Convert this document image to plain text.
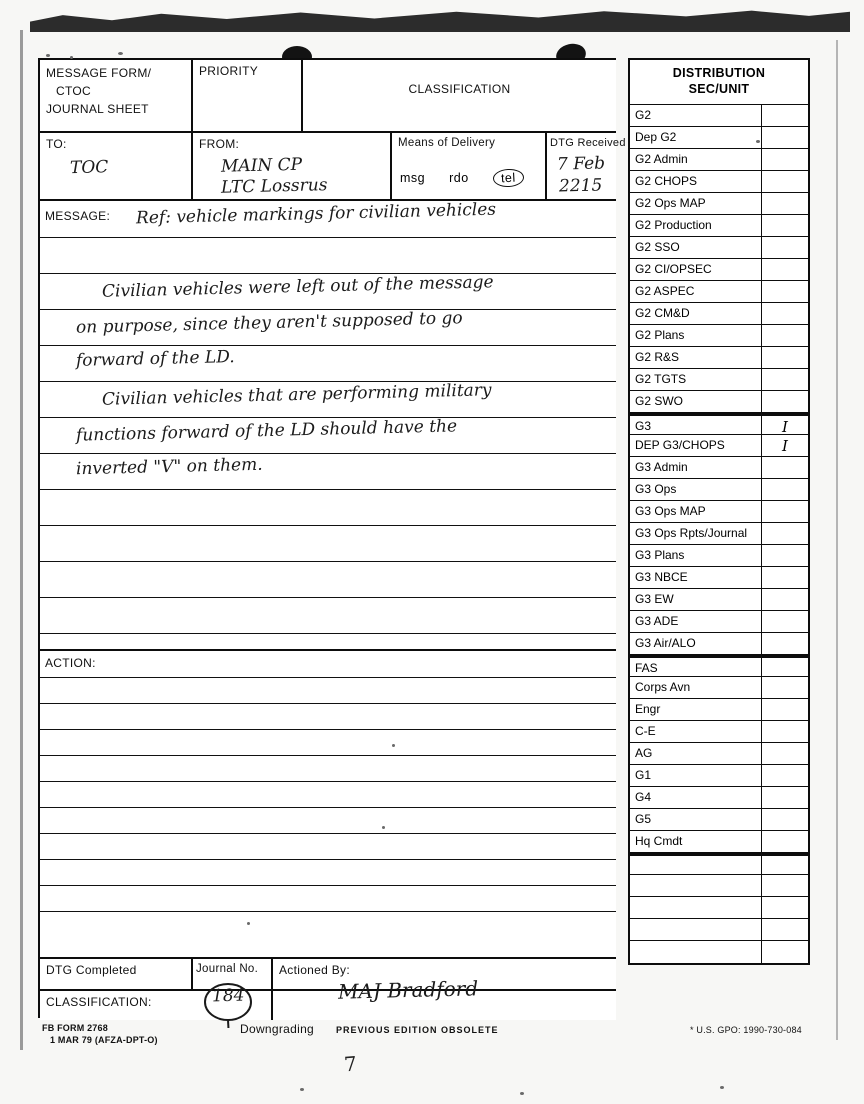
MESSAGE FORM/
CTOC
JOURNAL SHEET
PRIORITY
CLASSIFICATION
TO:
TOC
FROM:
MAIN CP
LTC Lossrus
Means of Delivery
msg rdo	tel
DTG Received
7 Feb
2215
MESSAGE: Ref: vehicle markings for civilian vehicles
Civilian vehicles were left out of the message
on purpose, since they aren't supposed to go
forward of the LD.
Civilian vehicles that are performing military
functions forward of the LD should have the
inverted "V" on them.
ACTION:
DTG Completed	Journal No.	Actioned By:
CLASSIFICATION:	184	MAJ Bradford
Downgrading
DISTRIBUTION
SEC/UNIT
G2
Dep G2
G2 Admin
G2 CHOPS
G2 Ops MAP
G2 Production
G2 SSO
G2 CI/OPSEC
G2 ASPEC
G2 CM&D
G2 Plans
G2 R&S
G2 TGTS
G2 SWO
G3	I
DEP G3/CHOPS	I
G3 Admin
G3 Ops
G3 Ops MAP
G3 Ops Rpts/Journal
G3 Plans
G3 NBCE
G3 EW
G3 ADE
G3 Air/ALO
FAS
Corps Avn
Engr
C-E
AG
G1
G4
G5
Hq Cmdt
FB FORM 2768
1 MAR 79 (AFZA-DPT-O)
PREVIOUS EDITION OBSOLETE	* U.S. GPO: 1990-730-084
7
